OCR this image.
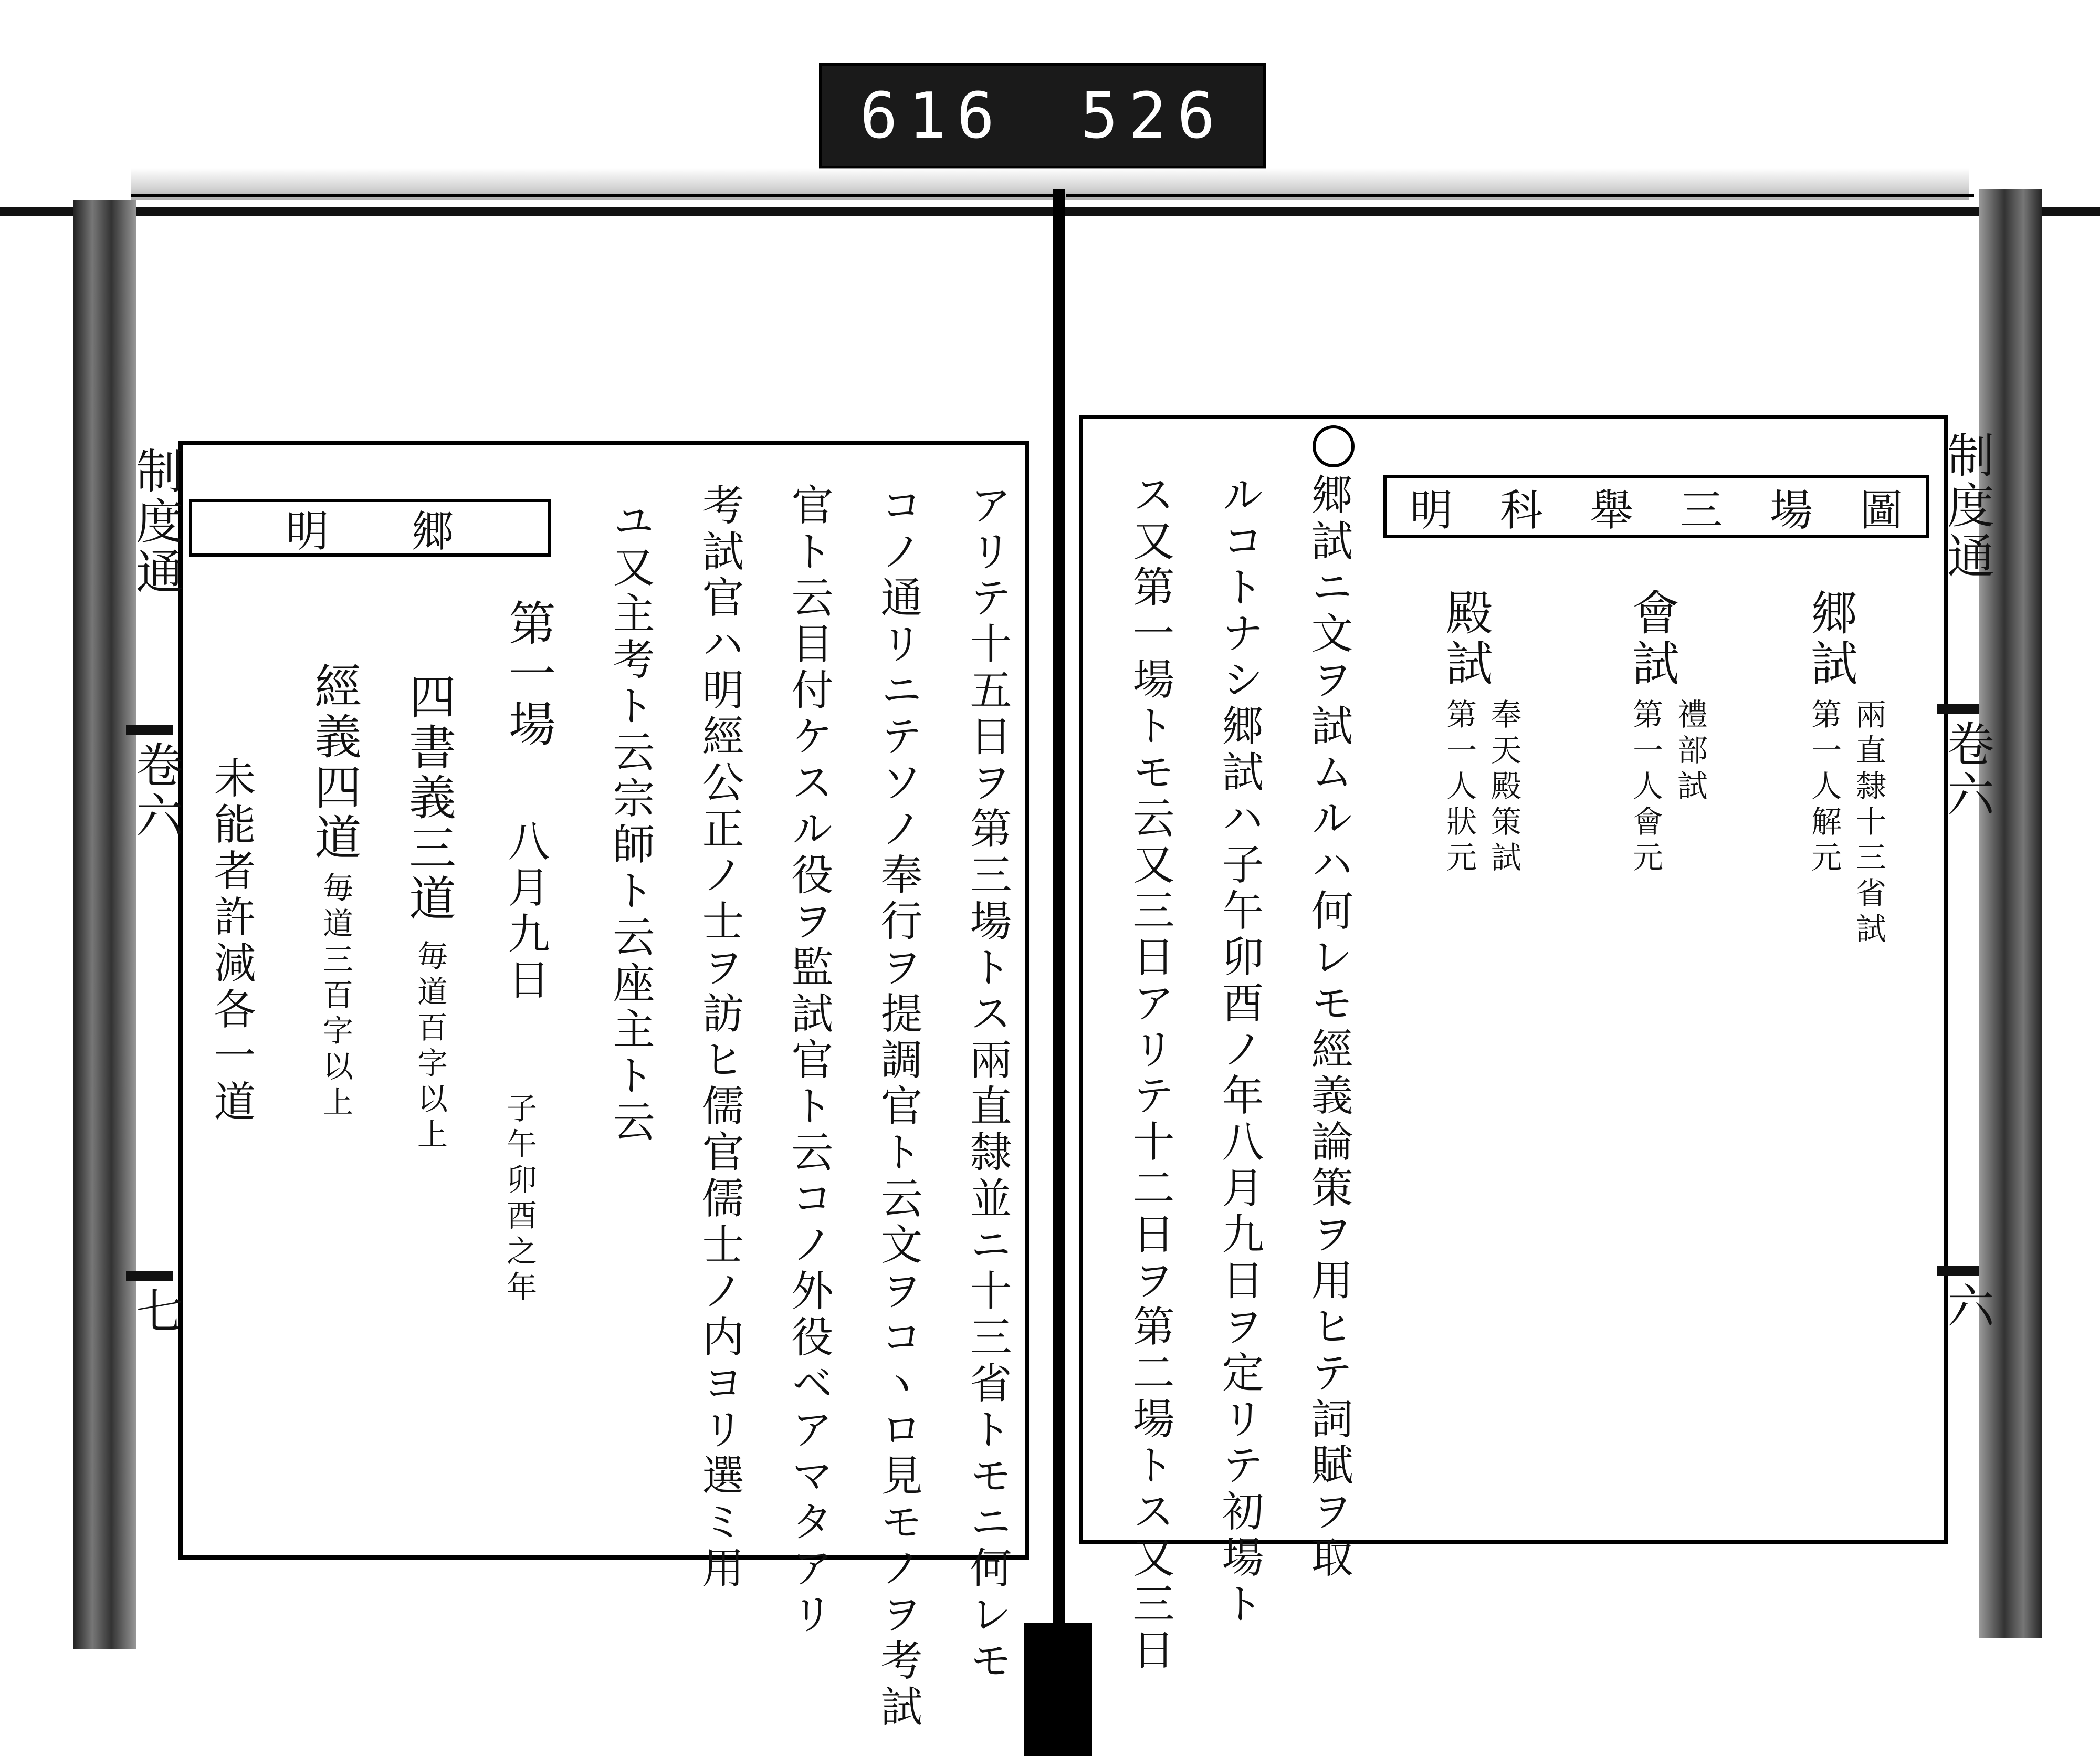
616 526
制度通
卷六
六
明 科 舉 三 場 圖
郷試
兩直隸十三省試
第一人解元
會試
禮部試
第一人會元
殿試
奉天殿策試
第一人狀元
郷試ニ文ヲ試ムルハ何レモ經義論策ヲ用ヒテ詞賦ヲ取
ルコトナシ郷試ハ子午卯酉ノ年八月九日ヲ定リテ初場ト
ス又第一場トモ云又三日アリテ十二日ヲ第二場トス又三日
制度通
卷六
七
明 郷	アリテ十五日ヲ第三場トス兩直隸並ニ十三省トモニ何レモ
コノ通リニテソノ奉行ヲ提調官ト云文ヲコヽロ見モノヲ考試
官ト云目付ケスル役ヲ監試官ト云コノ外役ベアマタアリ
考試官ハ明經公正ノ士ヲ訪ヒ儒官儒士ノ内ヨリ選ミ用
ユ又主考ト云宗師ト云座主ト云
第一場
八月九日
子午卯酉之年
四書義三道
毎道百字以上
經義四道
毎道三百字以上
未能者許減各一道
